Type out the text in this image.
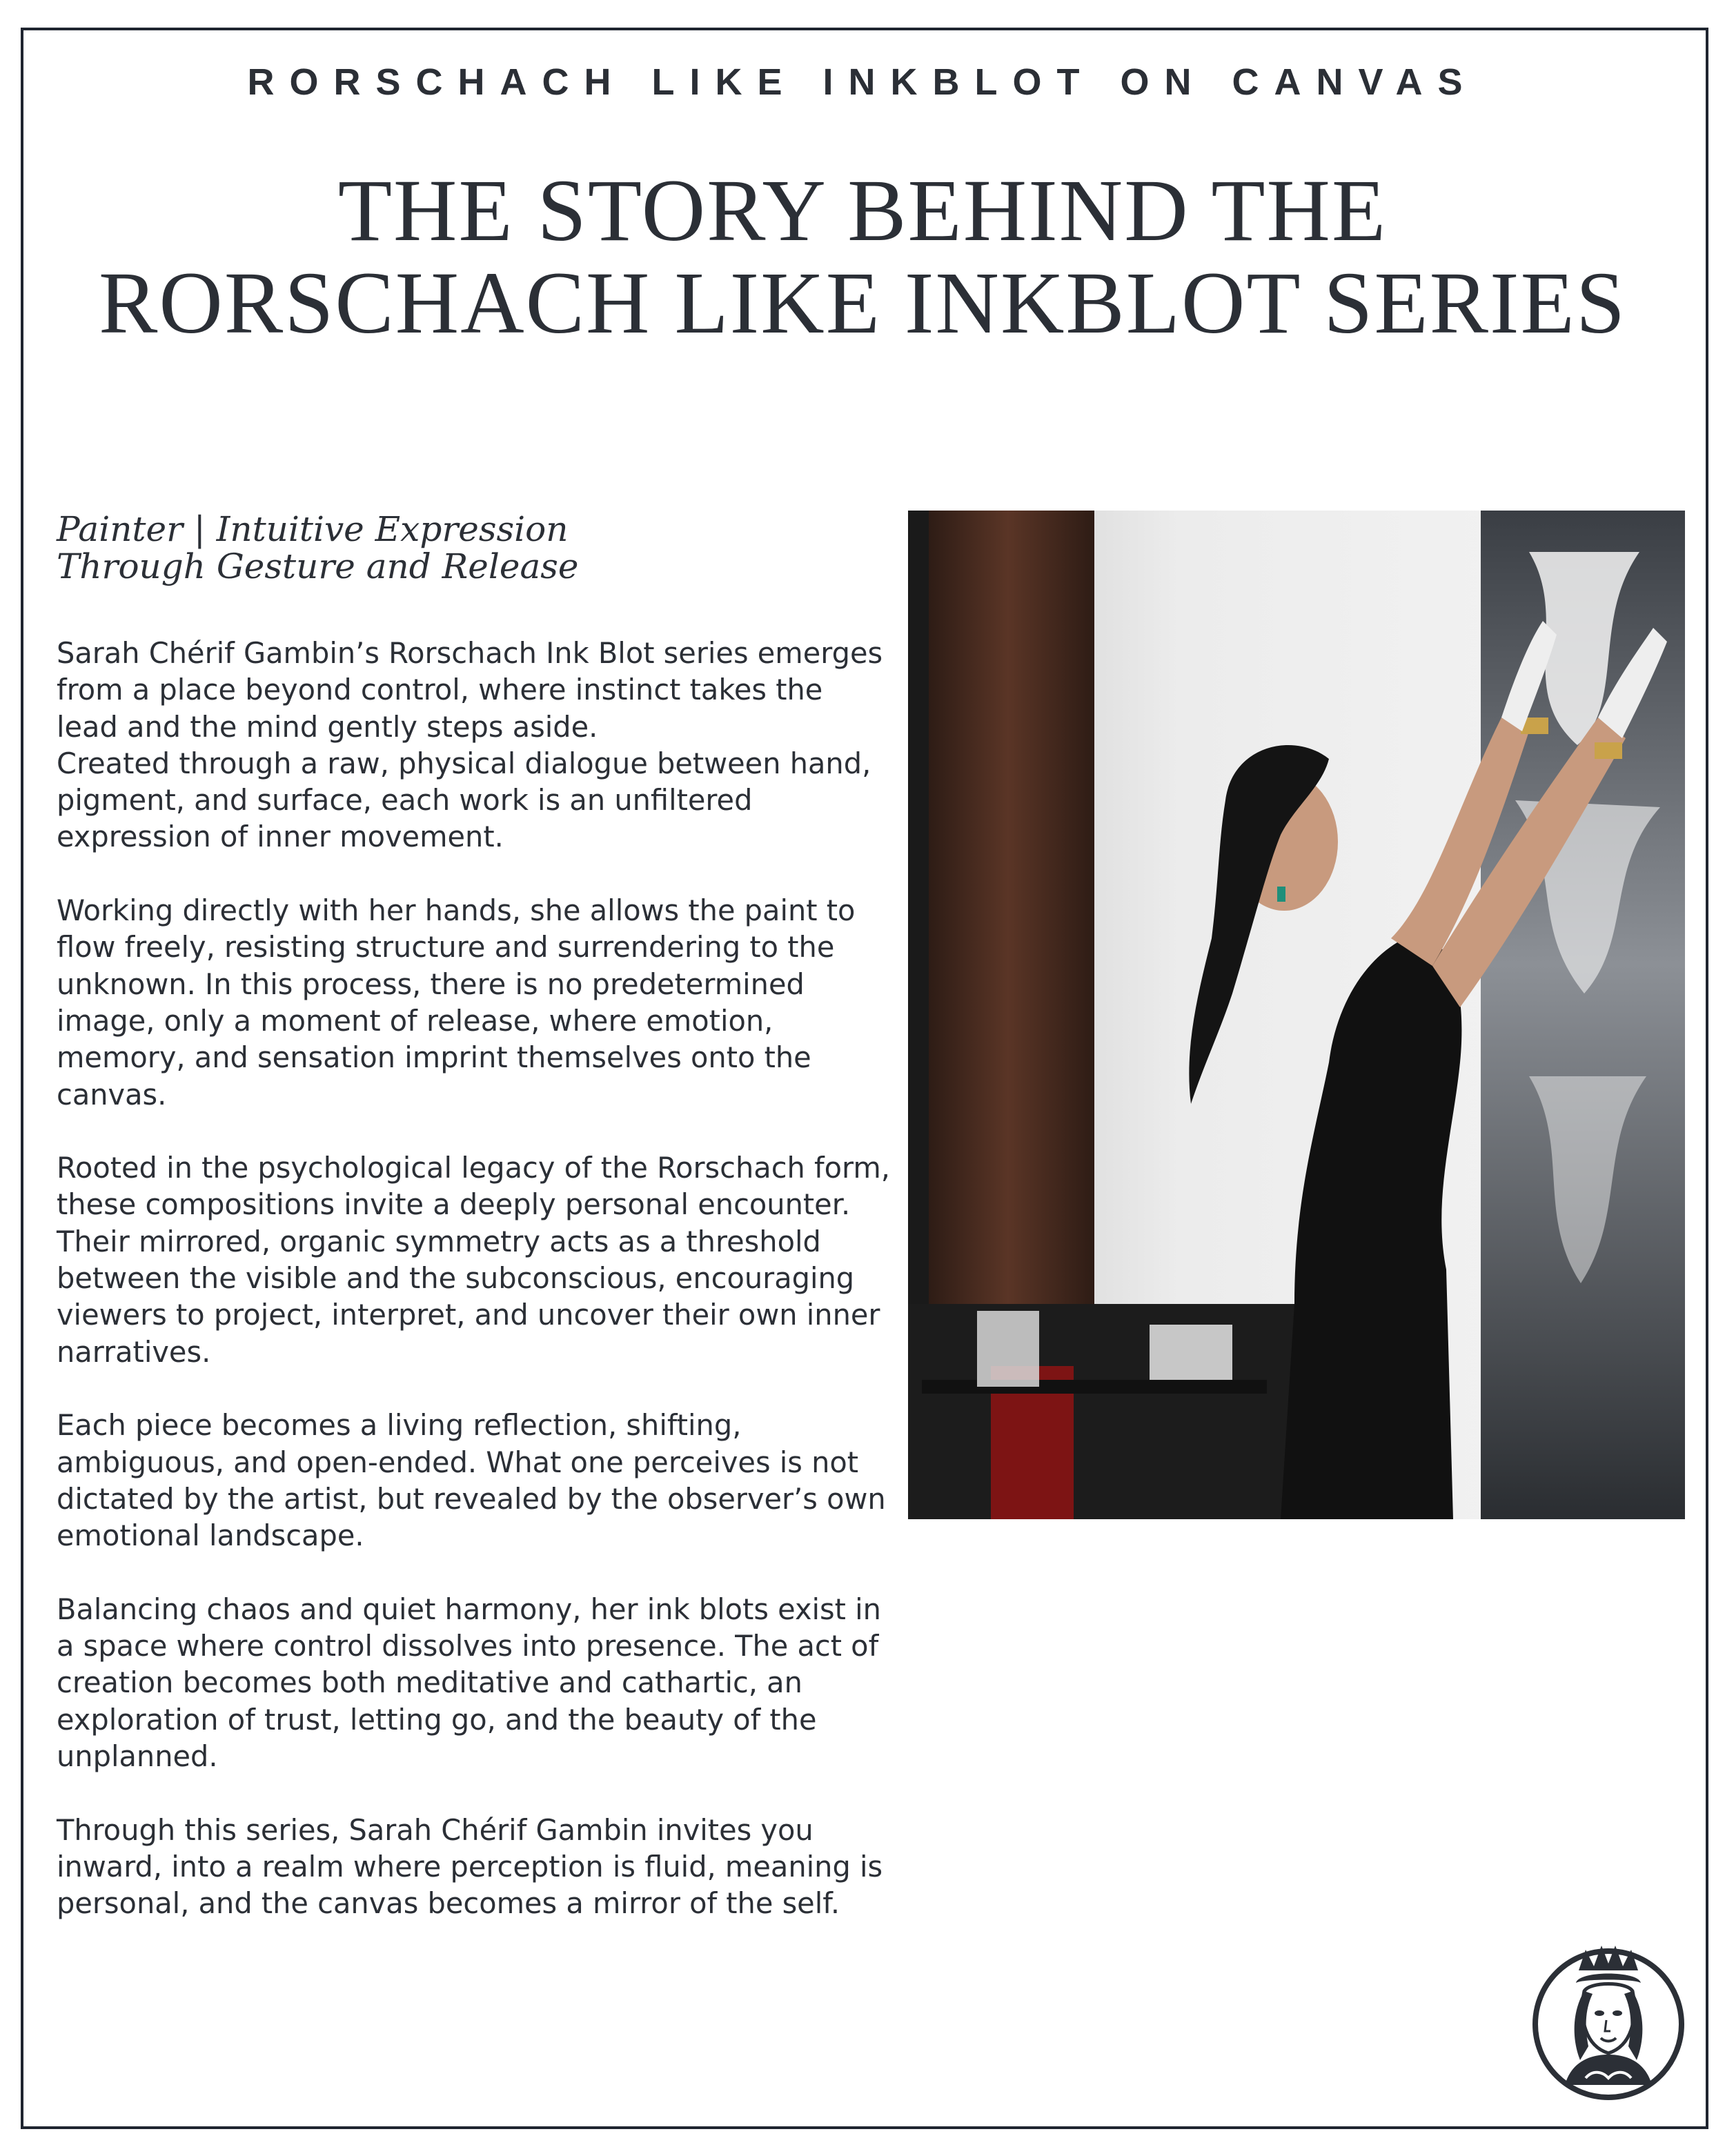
RORSCHACH LIKE INKBLOT ON CANVAS
THE STORY BEHIND THE
RORSCHACH LIKE INKBLOT SERIES
Painter | Intuitive Expression
Through Gesture and Release

Sarah Chérif Gambin’s Rorschach Ink Blot series emerges from a place beyond control, where instinct takes the lead and the mind gently steps aside.
Created through a raw, physical dialogue between hand, pigment, and surface, each work is an unfiltered expression of inner movement.

Working directly with her hands, she allows the paint to flow freely, resisting structure and surrendering to the unknown. In this process, there is no predetermined image, only a moment of release, where emotion, memory, and sensation imprint themselves onto the canvas.

Rooted in the psychological legacy of the Rorschach form, these compositions invite a deeply personal encounter. Their mirrored, organic symmetry acts as a threshold between the visible and the subconscious, encouraging viewers to project, interpret, and uncover their own inner narratives.

Each piece becomes a living reflection, shifting, ambiguous, and open-ended. What one perceives is not dictated by the artist, but revealed by the observer’s own emotional landscape.

Balancing chaos and quiet harmony, her ink blots exist in a space where control dissolves into presence. The act of creation becomes both meditative and cathartic, an exploration of trust, letting go, and the beauty of the unplanned.

Through this series, Sarah Chérif Gambin invites you inward, into a realm where perception is fluid, meaning is personal, and the canvas becomes a mirror of the self.
